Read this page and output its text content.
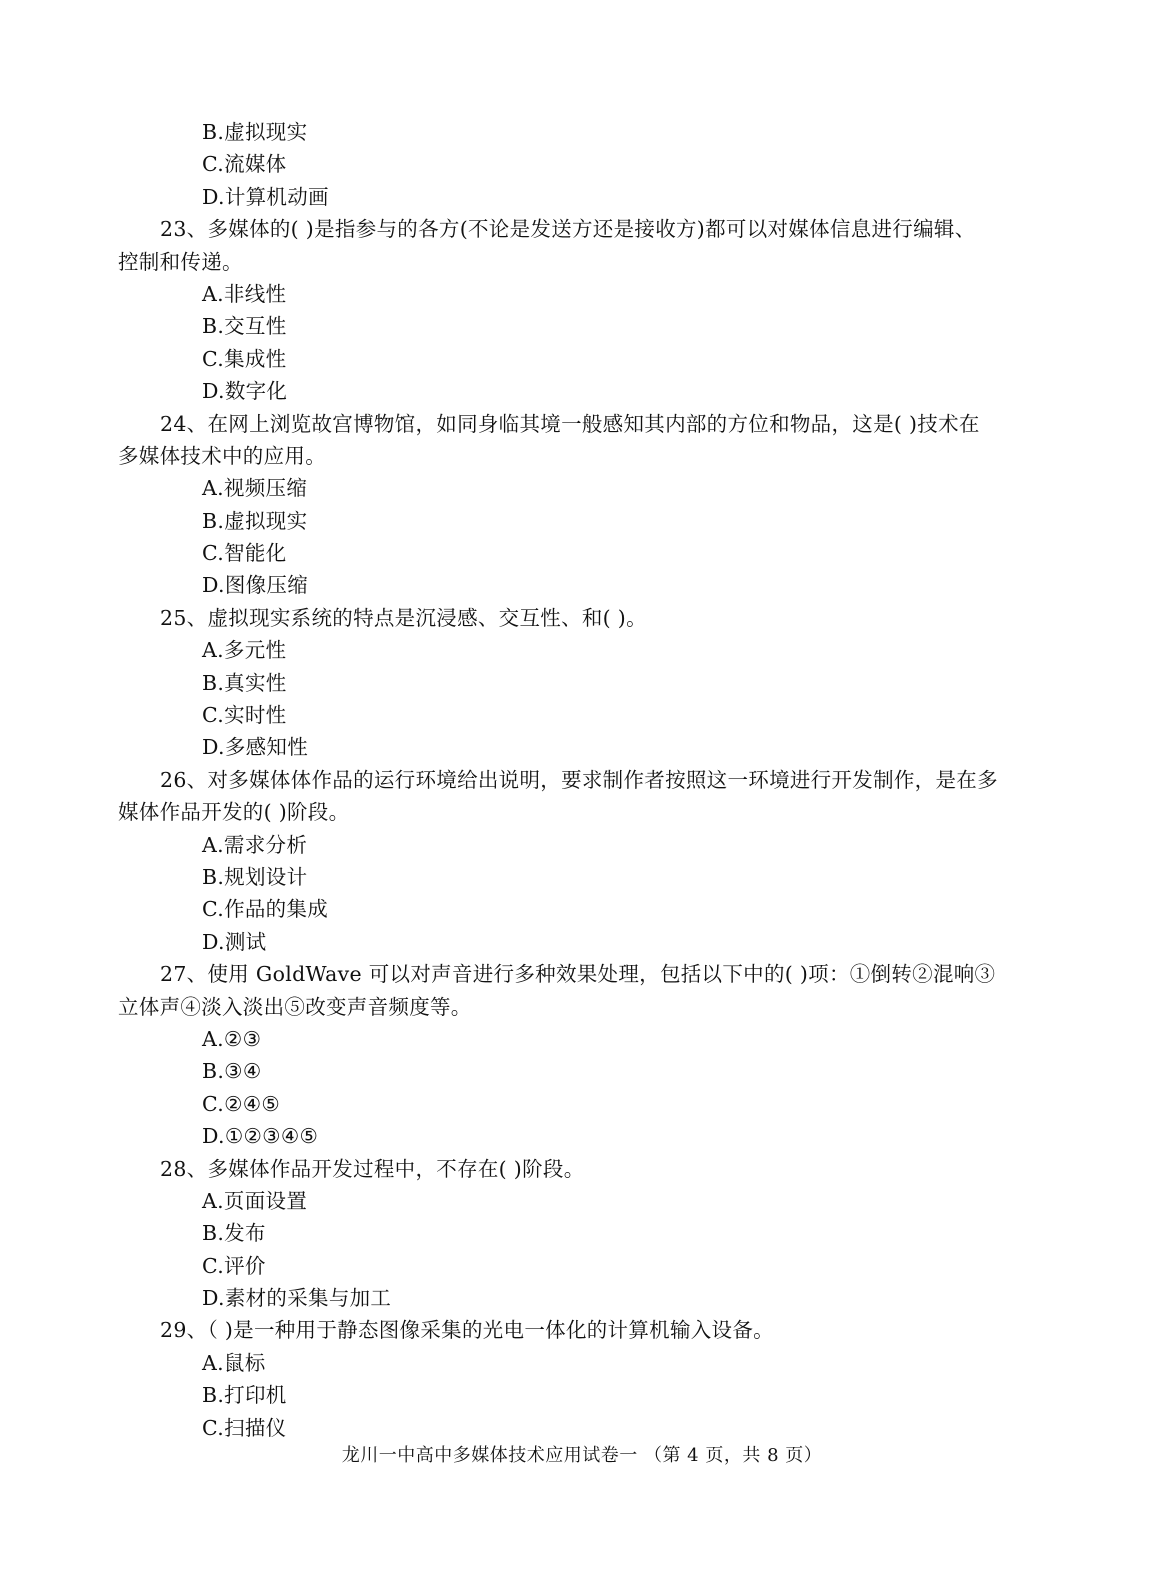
B.虚拟现实
C.流媒体
D.计算机动画
23、多媒体的( )是指参与的各方(不论是发送方还是接收方)都可以对媒体信息进行编辑、
控制和传递。
A.非线性
B.交互性
C.集成性
D.数字化
24、在网上浏览故宫博物馆，如同身临其境一般感知其内部的方位和物品，这是( )技术在
多媒体技术中的应用。
A.视频压缩
B.虚拟现实
C.智能化
D.图像压缩
25、虚拟现实系统的特点是沉浸感、交互性、和( )。
A.多元性
B.真实性
C.实时性
D.多感知性
26、对多媒体体作品的运行环境给出说明，要求制作者按照这一环境进行开发制作，是在多
媒体作品开发的( )阶段。
A.需求分析
B.规划设计
C.作品的集成
D.测试
27、使用 GoldWave 可以对声音进行多种效果处理，包括以下中的( )项：①倒转②混响③
立体声④淡入淡出⑤改变声音频度等。
A.②③
B.③④
C.②④⑤
D.①②③④⑤
28、多媒体作品开发过程中，不存在( )阶段。
A.页面设置
B.发布
C.评价
D.素材的采集与加工
29、（ )是一种用于静态图像采集的光电一体化的计算机输入设备。
A.鼠标
B.打印机
C.扫描仪
龙川一中高中多媒体技术应用试卷一 （第 4 页，共 8 页）
